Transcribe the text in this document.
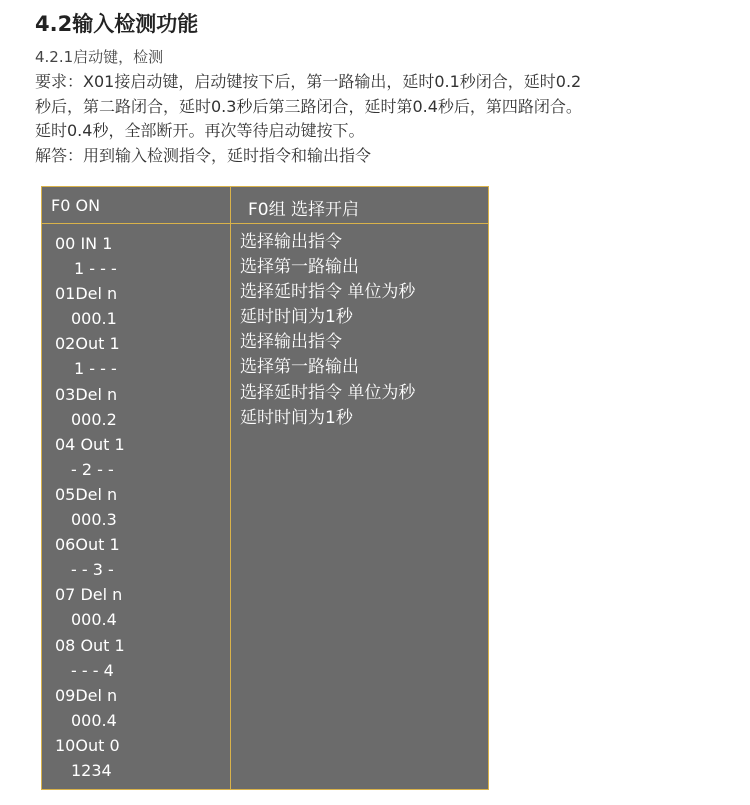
4.2输入检测功能
4.2.1启动键，检测
要求：X01接启动键，启动键按下后，第一路输出，延时0.1秒闭合，延时0.2
秒后，第二路闭合，延时0.3秒后第三路闭合，延时第0.4秒后，第四路闭合。
延时0.4秒，全部断开。再次等待启动键按下。
解答：用到输入检测指令，延时指令和输出指令
F0 ON	F0组 选择开启
00 IN 1
1 - - -
01Del n
000.1
02Out 1
1 - - -
03Del n
000.2
04 Out 1
- 2 - -
05Del n
000.3
06Out 1
- - 3 -
07 Del n
000.4
08 Out 1
- - - 4
09Del n
000.4
10Out 0
1234
选择输出指令
选择第一路输出
选择延时指令 单位为秒
延时时间为1秒
选择输出指令
选择第一路输出
选择延时指令 单位为秒
延时时间为1秒
